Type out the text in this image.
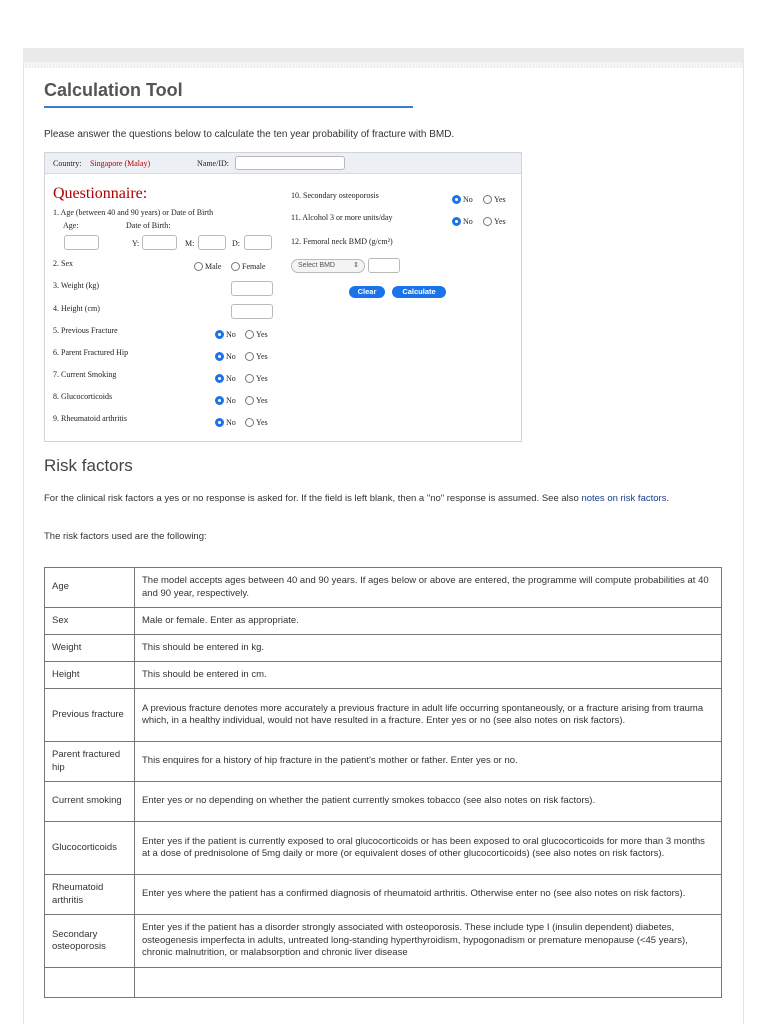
Calculation Tool

Please answer the questions below to calculate the ten year probability of fracture with BMD.

Country: Singapore (Malay)	Name/ID:
Questionnaire:
1. Age (between 40 and 90 years) or Date of Birth
Age:	Date of Birth:
Y:	M:	D:
2. Sex	Male	Female
3. Weight (kg)
4. Height (cm)
5. Previous Fracture	No	Yes
6. Parent Fractured Hip	No	Yes
7. Current Smoking	No	Yes
8. Glucocorticoids	No	Yes
9. Rheumatoid arthritis	No	Yes
10. Secondary osteoporosis	No	Yes
11. Alcohol 3 or more units/day	No	Yes
12. Femoral neck BMD (g/cm²)
Select BMD	⇕
Clear	Calculate
Risk factors

For the clinical risk factors a yes or no response is asked for. If the field is left blank, then a "no" response is assumed. See also notes on risk factors.

The risk factors used are the following:

Age	The model accepts ages between 40 and 90 years. If ages below or above are entered, the programme will compute probabilities at 40 and 90 year, respectively.
Sex	Male or female. Enter as appropriate.
Weight	This should be entered in kg.
Height	This should be entered in cm.
Previous fracture	A previous fracture denotes more accurately a previous fracture in adult life occurring spontaneously, or a fracture arising from trauma which, in a healthy individual, would not have resulted in a fracture. Enter yes or no (see also notes on risk factors).
Parent fractured hip	This enquires for a history of hip fracture in the patient's mother or father. Enter yes or no.
Current smoking	Enter yes or no depending on whether the patient currently smokes tobacco (see also notes on risk factors).
Glucocorticoids	Enter yes if the patient is currently exposed to oral glucocorticoids or has been exposed to oral glucocorticoids for more than 3 months at a dose of prednisolone of 5mg daily or more (or equivalent doses of other glucocorticoids) (see also notes on risk factors).
Rheumatoid arthritis	Enter yes where the patient has a confirmed diagnosis of rheumatoid arthritis. Otherwise enter no (see also notes on risk factors).
Secondary osteoporosis	Enter yes if the patient has a disorder strongly associated with osteoporosis. These include type I (insulin dependent) diabetes, osteogenesis imperfecta in adults, untreated long-standing hyperthyroidism, hypogonadism or premature menopause (<45 years), chronic malnutrition, or malabsorption and chronic liver disease
